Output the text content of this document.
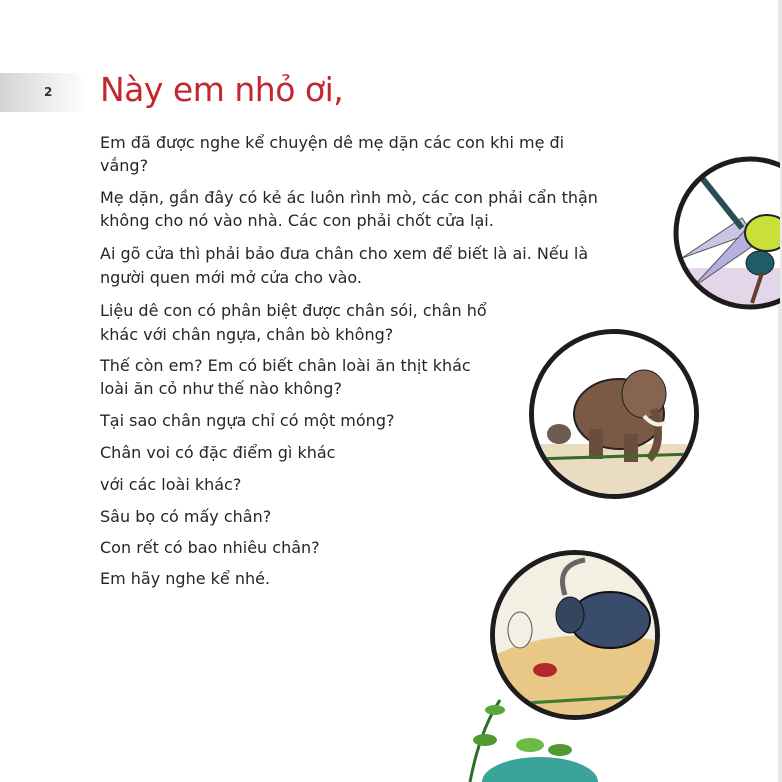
2 Này em nhỏ ơi,
Em đã được nghe kể chuyện dê mẹ dặn các con khi mẹ đi
vắng?
Mẹ dặn, gần đây có kẻ ác luôn rình mò, các con phải cẩn thận
không cho nó vào nhà. Các con phải chốt cửa lại.
Ai gõ cửa thì phải bảo đưa chân cho xem để biết là ai. Nếu là
người quen mới mở cửa cho vào.
Liệu dê con có phân biệt được chân sói, chân hổ
khác với chân ngựa, chân bò không?
Thế còn em? Em có biết chân loài ăn thịt khác
loài ăn cỏ như thế nào không?
Tại sao chân ngựa chỉ có một móng?
Chân voi có đặc điểm gì khác
với các loài khác?
Sâu bọ có mấy chân?
Con rết có bao nhiêu chân?
Em hãy nghe kể nhé.
